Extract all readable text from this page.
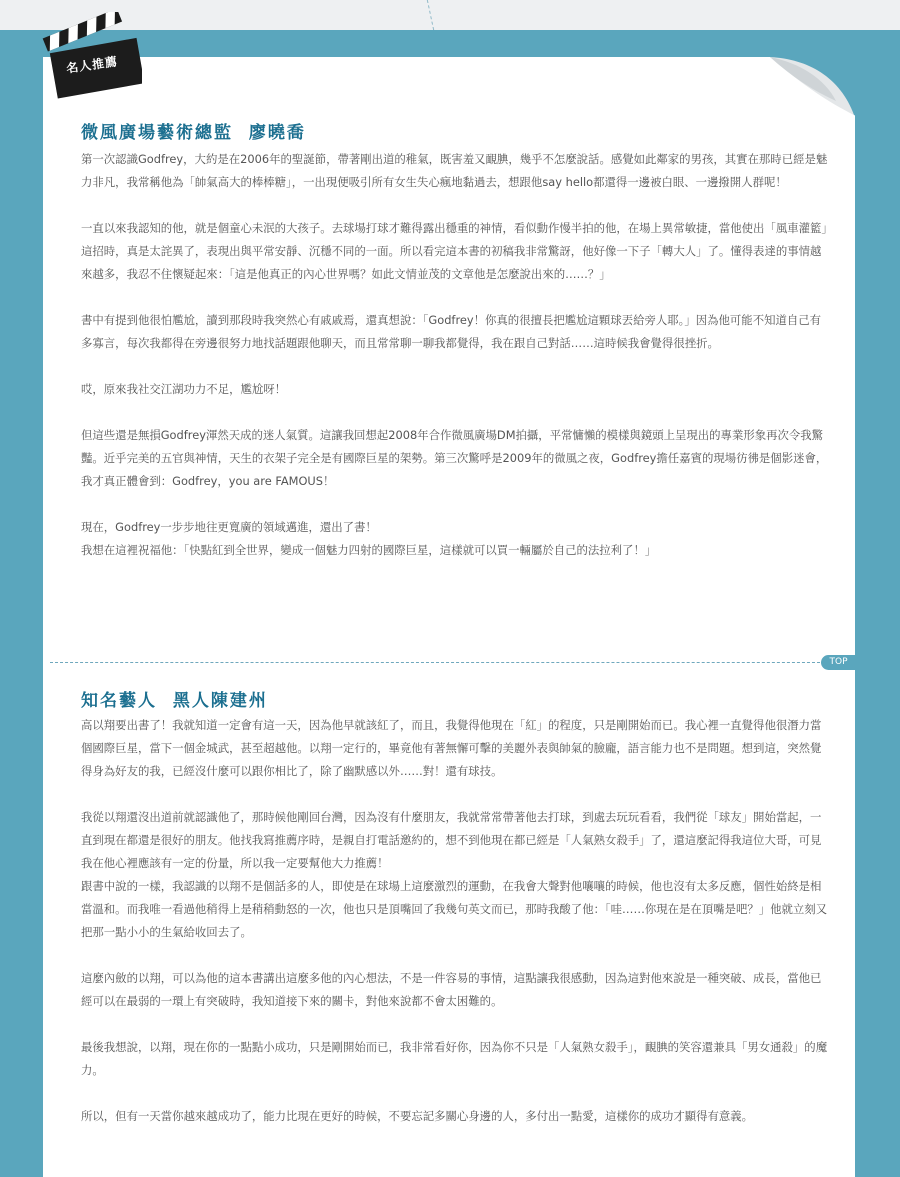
名人推薦
微風廣場藝術總監  廖曉喬

第一次認識Godfrey，大約是在2006年的聖誕節，帶著剛出道的稚氣，既害羞又靦腆，幾乎不怎麼說話。感覺如此鄰家的男孩，其實在那時已經是魅力非凡，我常稱他為「帥氣高大的棒棒糖」，一出現便吸引所有女生失心瘋地黏過去，想跟他say hello都還得一邊被白眼、一邊撥開人群呢！

一直以來我認知的他，就是個童心未泯的大孩子。去球場打球才難得露出穩重的神情，看似動作慢半拍的他，在場上異常敏捷，當他使出「風車灌籃」這招時，真是太詫異了，表現出與平常安靜、沉穩不同的一面。所以看完這本書的初稿我非常驚訝，他好像一下子「轉大人」了。懂得表達的事情越來越多，我忍不住懷疑起來：「這是他真正的內心世界嗎？如此文情並茂的文章他是怎麼說出來的……？」

書中有提到他很怕尷尬，讀到那段時我突然心有戚戚焉，還真想說：「Godfrey！你真的很擅長把尷尬這顆球丟給旁人耶。」因為他可能不知道自己有多寡言，每次我都得在旁邊很努力地找話題跟他聊天，而且常常聊一聊我都覺得，我在跟自己對話……這時候我會覺得很挫折。

哎，原來我社交江湖功力不足，尷尬呀！

但這些還是無損Godfrey渾然天成的迷人氣質。這讓我回想起2008年合作微風廣場DM拍攝，平常慵懶的模樣與鏡頭上呈現出的專業形象再次令我驚豔。近乎完美的五官與神情，天生的衣架子完全是有國際巨星的架勢。第三次驚呼是2009年的微風之夜，Godfrey擔任嘉賓的現場彷彿是個影迷會，我才真正體會到：Godfrey，you are FAMOUS！

現在，Godfrey一步步地往更寬廣的領域邁進，還出了書！
我想在這裡祝福他：「快點紅到全世界，變成一個魅力四射的國際巨星，這樣就可以買一輛屬於自己的法拉利了！」

TOP
知名藝人  黑人陳建州

高以翔要出書了！我就知道一定會有這一天，因為他早就該紅了，而且，我覺得他現在「紅」的程度，只是剛開始而已。我心裡一直覺得他很潛力當個國際巨星，當下一個金城武，甚至超越他。以翔一定行的，畢竟他有著無懈可擊的美麗外表與帥氣的臉龐，語言能力也不是問題。想到這，突然覺得身為好友的我，已經沒什麼可以跟你相比了，除了幽默感以外……對！還有球技。

我從以翔還沒出道前就認識他了，那時候他剛回台灣，因為沒有什麼朋友，我就常常帶著他去打球，到處去玩玩看看，我們從「球友」開始當起，一直到現在都還是很好的朋友。他找我寫推薦序時，是親自打電話邀約的，想不到他現在都已經是「人氣熟女殺手」了，還這麼記得我這位大哥，可見我在他心裡應該有一定的份量，所以我一定要幫他大力推薦！
跟書中說的一樣，我認識的以翔不是個話多的人，即使是在球場上這麼激烈的運動，在我會大聲對他嚷嚷的時候，他也沒有太多反應，個性始終是相當溫和。而我唯一看過他稍得上是稍稍動怒的一次，他也只是頂嘴回了我幾句英文而已，那時我酸了他：「哇……你現在是在頂嘴是吧？」他就立刻又把那一點小小的生氣給收回去了。

這麼內斂的以翔，可以為他的這本書講出這麼多他的內心想法，不是一件容易的事情，這點讓我很感動，因為這對他來說是一種突破、成長，當他已經可以在最弱的一環上有突破時，我知道接下來的關卡，對他來說都不會太困難的。

最後我想說，以翔，現在你的一點點小成功，只是剛開始而已，我非常看好你，因為你不只是「人氣熟女殺手」，靦腆的笑容還兼具「男女通殺」的魔力。

所以，但有一天當你越來越成功了，能力比現在更好的時候，不要忘記多關心身邊的人，多付出一點愛，這樣你的成功才顯得有意義。
